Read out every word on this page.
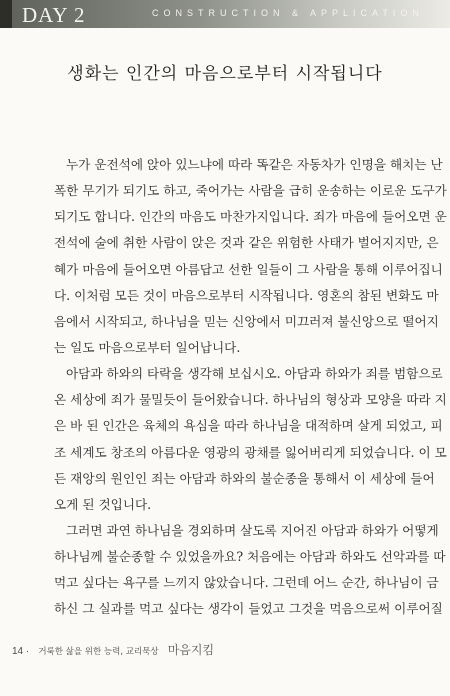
DAY 2	CONSTRUCTION & APPLICATION
생화는 인간의 마음으로부터 시작됩니다
누가 운전석에 앉아 있느냐에 따라 똑같은 자동차가 인명을 해치는 난
폭한 무기가 되기도 하고, 죽어가는 사람을 급히 운송하는 이로운 도구가
되기도 합니다. 인간의 마음도 마찬가지입니다. 죄가 마음에 들어오면 운
전석에 술에 취한 사람이 앉은 것과 같은 위험한 사태가 벌어지지만, 은
혜가 마음에 들어오면 아름답고 선한 일들이 그 사람을 통해 이루어집니
다. 이처럼 모든 것이 마음으로부터 시작됩니다. 영혼의 참된 변화도 마
음에서 시작되고, 하나님을 믿는 신앙에서 미끄러져 불신앙으로 떨어지
는 일도 마음으로부터 일어납니다.
아담과 하와의 타락을 생각해 보십시오. 아담과 하와가 죄를 범함으로
온 세상에 죄가 물밀듯이 들어왔습니다. 하나님의 형상과 모양을 따라 지
은 바 된 인간은 육체의 욕심을 따라 하나님을 대적하며 살게 되었고, 피
조 세계도 창조의 아름다운 영광의 광채를 잃어버리게 되었습니다. 이 모
든 재앙의 원인인 죄는 아담과 하와의 불순종을 통해서 이 세상에 들어
오게 된 것입니다.
그러면 과연 하나님을 경외하며 살도록 지어진 아담과 하와가 어떻게
하나님께 불순종할 수 있었을까요? 처음에는 아담과 하와도 선악과를 따
먹고 싶다는 욕구를 느끼지 않았습니다. 그런데 어느 순간, 하나님이 금
하신 그 실과를 먹고 싶다는 생각이 들었고 그것을 먹음으로써 이루어질
14 · 거룩한 삶을 위한 능력, 교리묵상 마음지킴
